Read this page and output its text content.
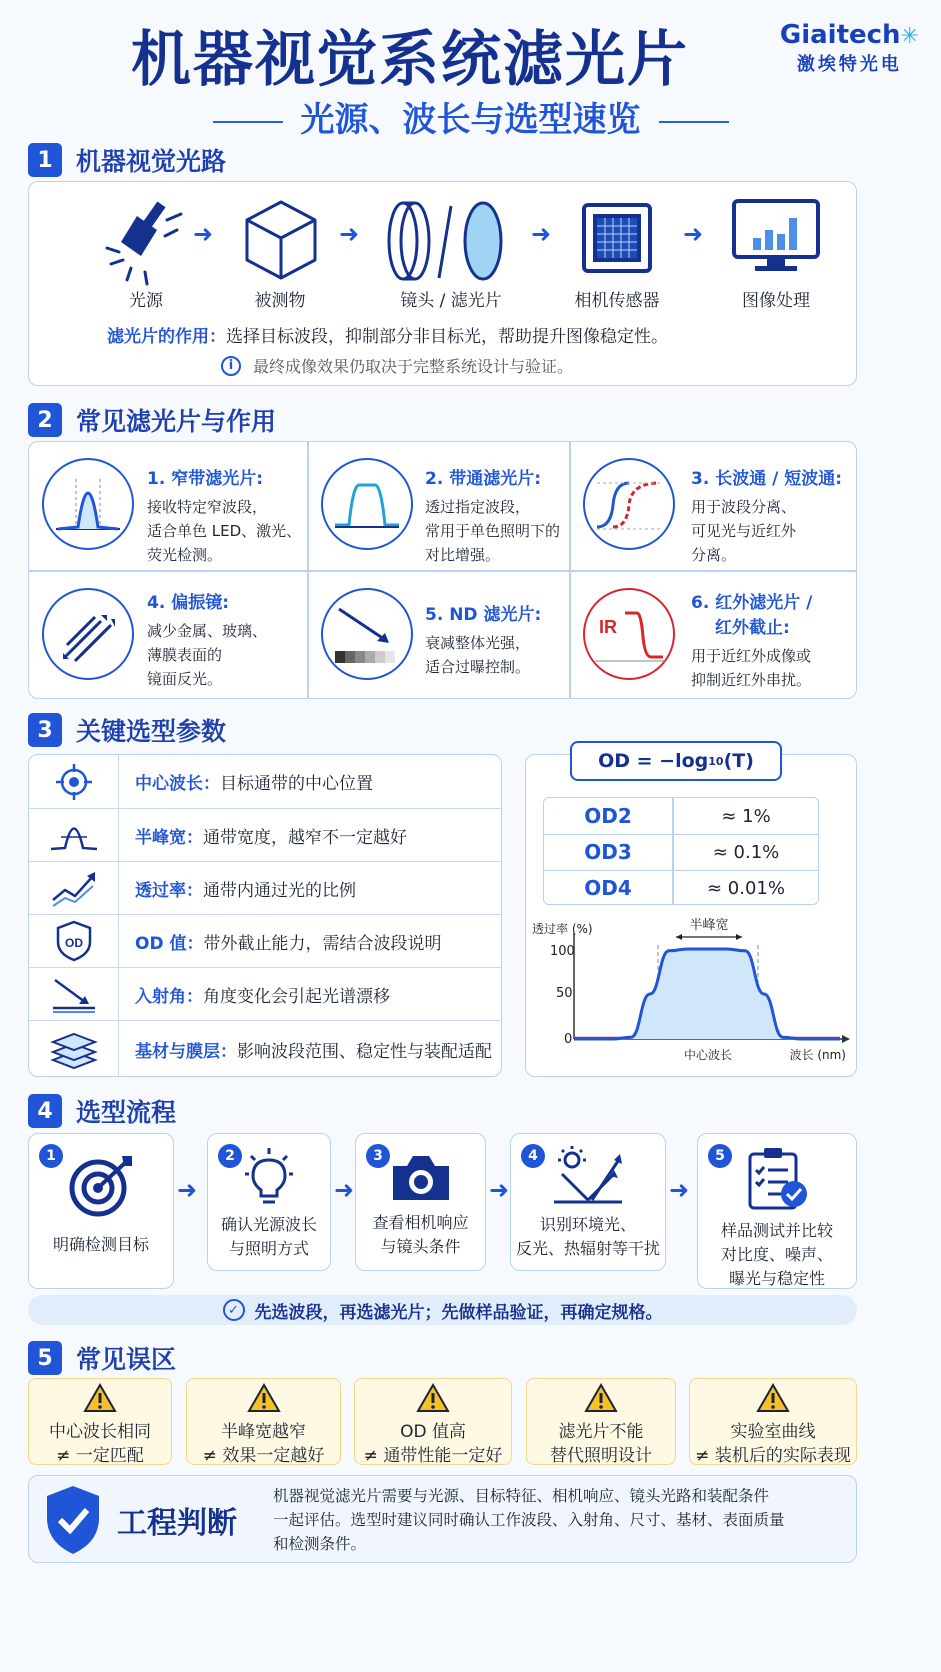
机器视觉系统滤光片	Giaitech✳
激埃特光电
光源、波长与选型速览
1 机器视觉光路
光源
➜
被测物
➜
镜头 / 滤光片
➜
相机传感器
➜
图像处理
滤光片的作用：选择目标波段，抑制部分非目标光，帮助提升图像稳定性。
i	最终成像效果仍取决于完整系统设计与验证。
2 常见滤光片与作用
1. 窄带滤光片:
接收特定窄波段，
适合单色 LED、激光、
荧光检测。
2. 带通滤光片:
透过指定波段，
常用于单色照明下的
对比增强。
3. 长波通 / 短波通:
用于波段分离、
可见光与近红外
分离。
4. 偏振镜:
减少金属、玻璃、
薄膜表面的
镜面反光。
5. ND 滤光片:
衰减整体光强，
适合过曝控制。
IR
6. 红外滤光片 /
红外截止:
用于近红外成像或
抑制近红外串扰。
3 关键选型参数
中心波长：目标通带的中心位置
半峰宽：通带宽度，越窄不一定越好
透过率：通带内通过光的比例
OD	OD 值：带外截止能力，需结合波段说明
入射角：角度变化会引起光谱漂移
基材与膜层：影响波段范围、稳定性与装配适配
OD = −log 10 (T)
OD2	≈ 1%
OD3	≈ 0.1%
OD4	≈ 0.01%
透过率 (%)
100
50
0
半峰宽
中心波长	波长 (nm)
4 选型流程
1
明确检测目标
➜
2
确认光源波长
与照明方式
➜
3
查看相机响应
与镜头条件
➜
4
识别环境光、
反光、热辐射等干扰
➜
5
样品测试并比较
对比度、噪声、
曝光与稳定性
✓ 先选波段，再选滤光片；先做样品验证，再确定规格。
5 常见误区
中心波长相同
≠ 一定匹配
半峰宽越窄
≠ 效果一定越好
OD 值高
≠ 通带性能一定好
滤光片不能
替代照明设计
实验室曲线
≠ 装机后的实际表现
工程判断
机器视觉滤光片需要与光源、目标特征、相机响应、镜头光路和装配条件
一起评估。选型时建议同时确认工作波段、入射角、尺寸、基材、表面质量
和检测条件。
